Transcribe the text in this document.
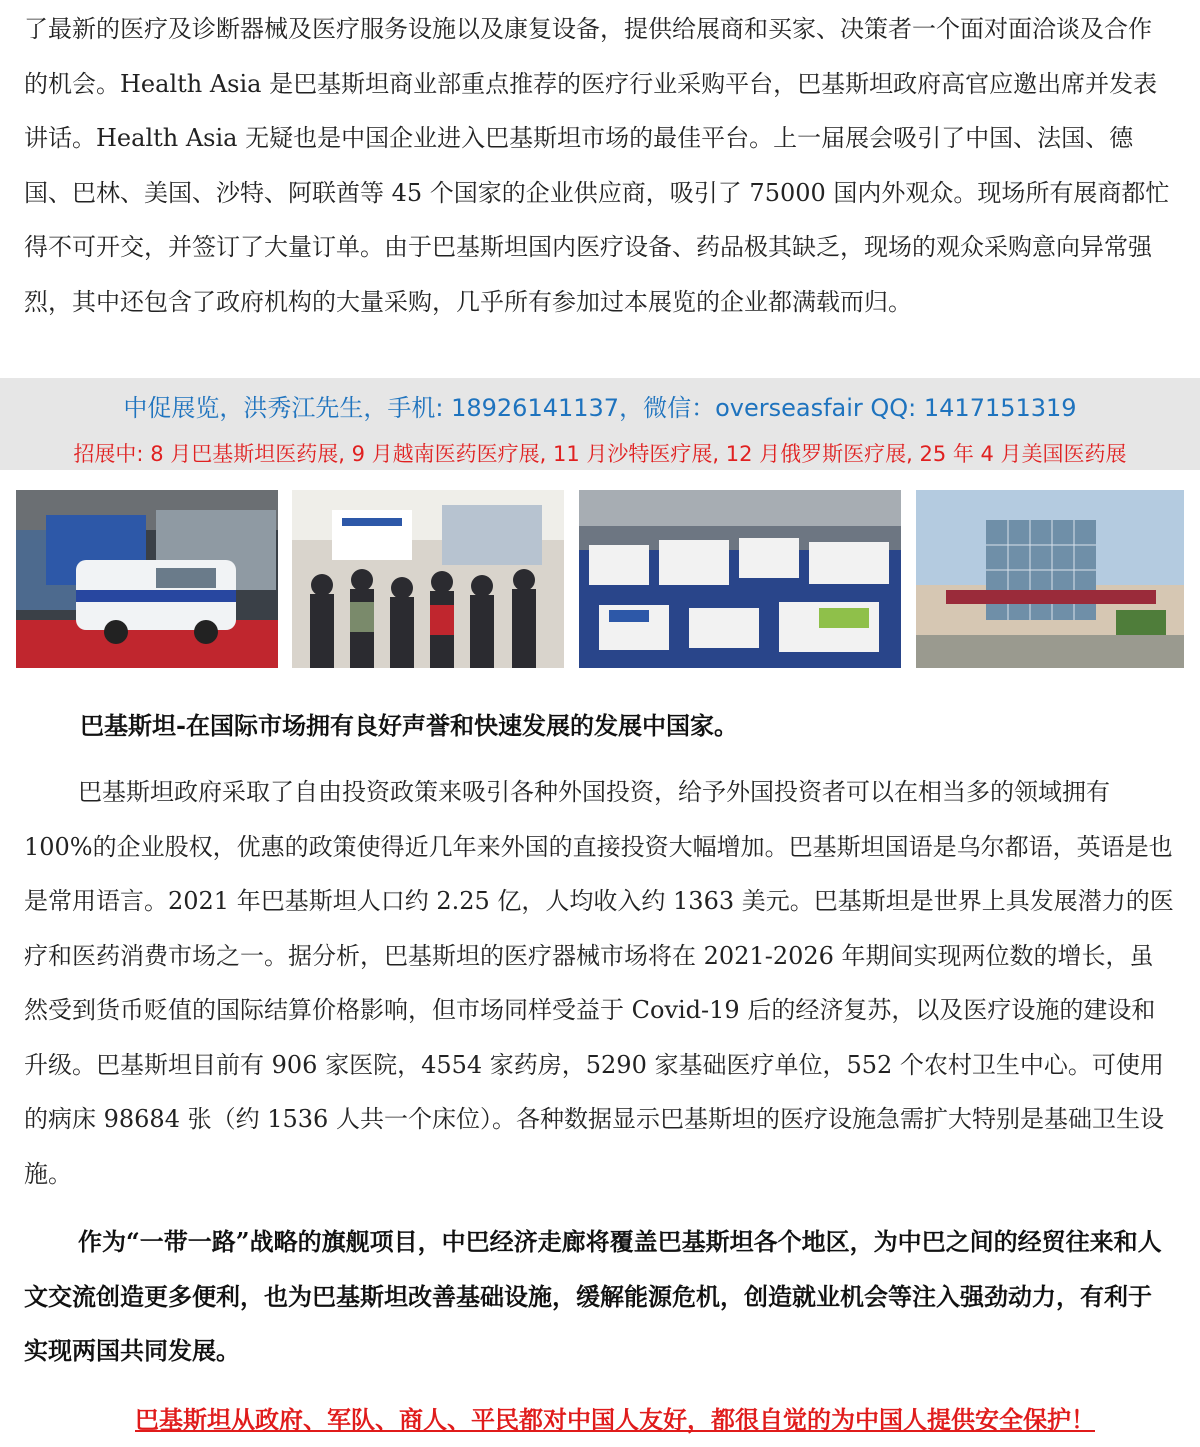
了最新的医疗及诊断器械及医疗服务设施以及康复设备，提供给展商和买家、决策者一个面对面洽谈及合作的机会。Health Asia 是巴基斯坦商业部重点推荐的医疗行业采购平台，巴基斯坦政府高官应邀出席并发表讲话。Health Asia 无疑也是中国企业进入巴基斯坦市场的最佳平台。上一届展会吸引了中国、法国、德国、巴林、美国、沙特、阿联酋等 45 个国家的企业供应商，吸引了 75000 国内外观众。现场所有展商都忙得不可开交，并签订了大量订单。由于巴基斯坦国内医疗设备、药品极其缺乏，现场的观众采购意向异常强烈，其中还包含了政府机构的大量采购，几乎所有参加过本展览的企业都满载而归。

中促展览，洪秀江先生，手机: 18926141137，微信：overseasfair QQ: 1417151319
招展中: 8 月巴基斯坦医药展, 9 月越南医药医疗展, 11 月沙特医疗展, 12 月俄罗斯医疗展, 25 年 4 月美国医药展

巴基斯坦-在国际市场拥有良好声誉和快速发展的发展中国家。

巴基斯坦政府采取了自由投资政策来吸引各种外国投资，给予外国投资者可以在相当多的领域拥有 100%的企业股权，优惠的政策使得近几年来外国的直接投资大幅增加。巴基斯坦国语是乌尔都语，英语是也是常用语言。2021 年巴基斯坦人口约 2.25 亿，人均收入约 1363 美元。巴基斯坦是世界上具发展潜力的医疗和医药消费市场之一。据分析，巴基斯坦的医疗器械市场将在 2021-2026 年期间实现两位数的增长，虽然受到货币贬值的国际结算价格影响，但市场同样受益于 Covid-19 后的经济复苏，以及医疗设施的建设和升级。巴基斯坦目前有 906 家医院，4554 家药房，5290 家基础医疗单位，552 个农村卫生中心。可使用的病床 98684 张（约 1536 人共一个床位）。各种数据显示巴基斯坦的医疗设施急需扩大特别是基础卫生设施。

作为“一带一路”战略的旗舰项目，中巴经济走廊将覆盖巴基斯坦各个地区，为中巴之间的经贸往来和人文交流创造更多便利，也为巴基斯坦改善基础设施，缓解能源危机，创造就业机会等注入强劲动力，有利于实现两国共同发展。

巴基斯坦从政府、军队、商人、平民都对中国人友好，都很自觉的为中国人提供安全保护！
